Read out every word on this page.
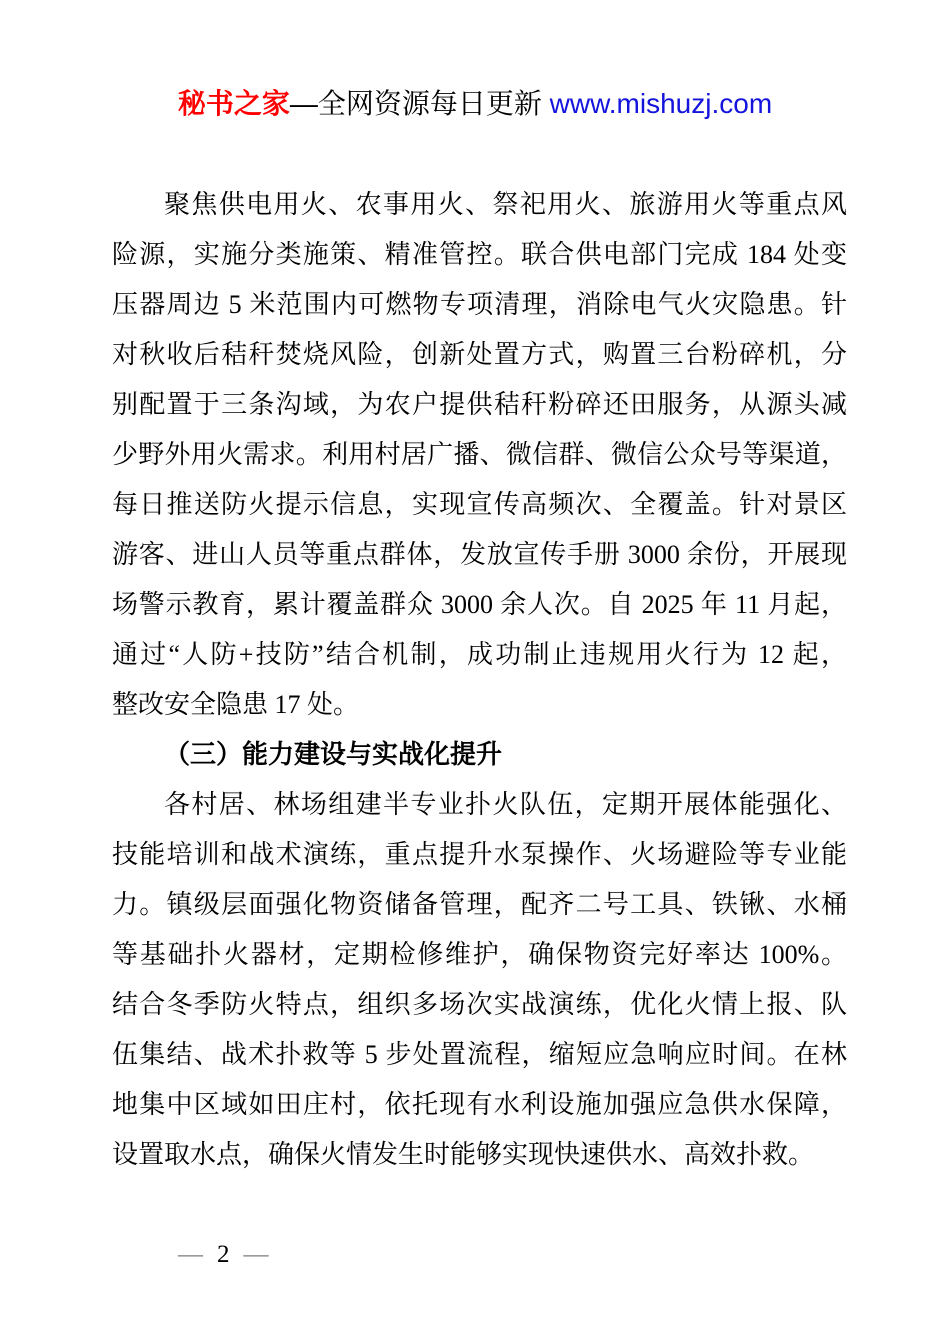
秘书之家—全网资源每日更新 www.mishuzj.com
聚焦供电用火、农事用火、祭祀用火、旅游用火等重点风
险源，实施分类施策、精准管控。联合供电部门完成 184 处变
压器周边 5 米范围内可燃物专项清理，消除电气火灾隐患。针
对秋收后秸秆焚烧风险，创新处置方式，购置三台粉碎机，分
别配置于三条沟域，为农户提供秸秆粉碎还田服务，从源头减
少野外用火需求。利用村居广播、微信群、微信公众号等渠道，
每日推送防火提示信息，实现宣传高频次、全覆盖。针对景区
游客、进山人员等重点群体，发放宣传手册 3000 余份，开展现
场警示教育，累计覆盖群众 3000 余人次。自 2025 年 11 月起，
通过“人防+技防”结合机制，成功制止违规用火行为 12 起，
整改安全隐患 17 处。
（三）能力建设与实战化提升
各村居、林场组建半专业扑火队伍，定期开展体能强化、
技能培训和战术演练，重点提升水泵操作、火场避险等专业能
力。镇级层面强化物资储备管理，配齐二号工具、铁锹、水桶
等基础扑火器材，定期检修维护，确保物资完好率达 100%。
结合冬季防火特点，组织多场次实战演练，优化火情上报、队
伍集结、战术扑救等 5 步处置流程，缩短应急响应时间。在林
地集中区域如田庄村，依托现有水利设施加强应急供水保障，
设置取水点，确保火情发生时能够实现快速供水、高效扑救。
— 2 —
